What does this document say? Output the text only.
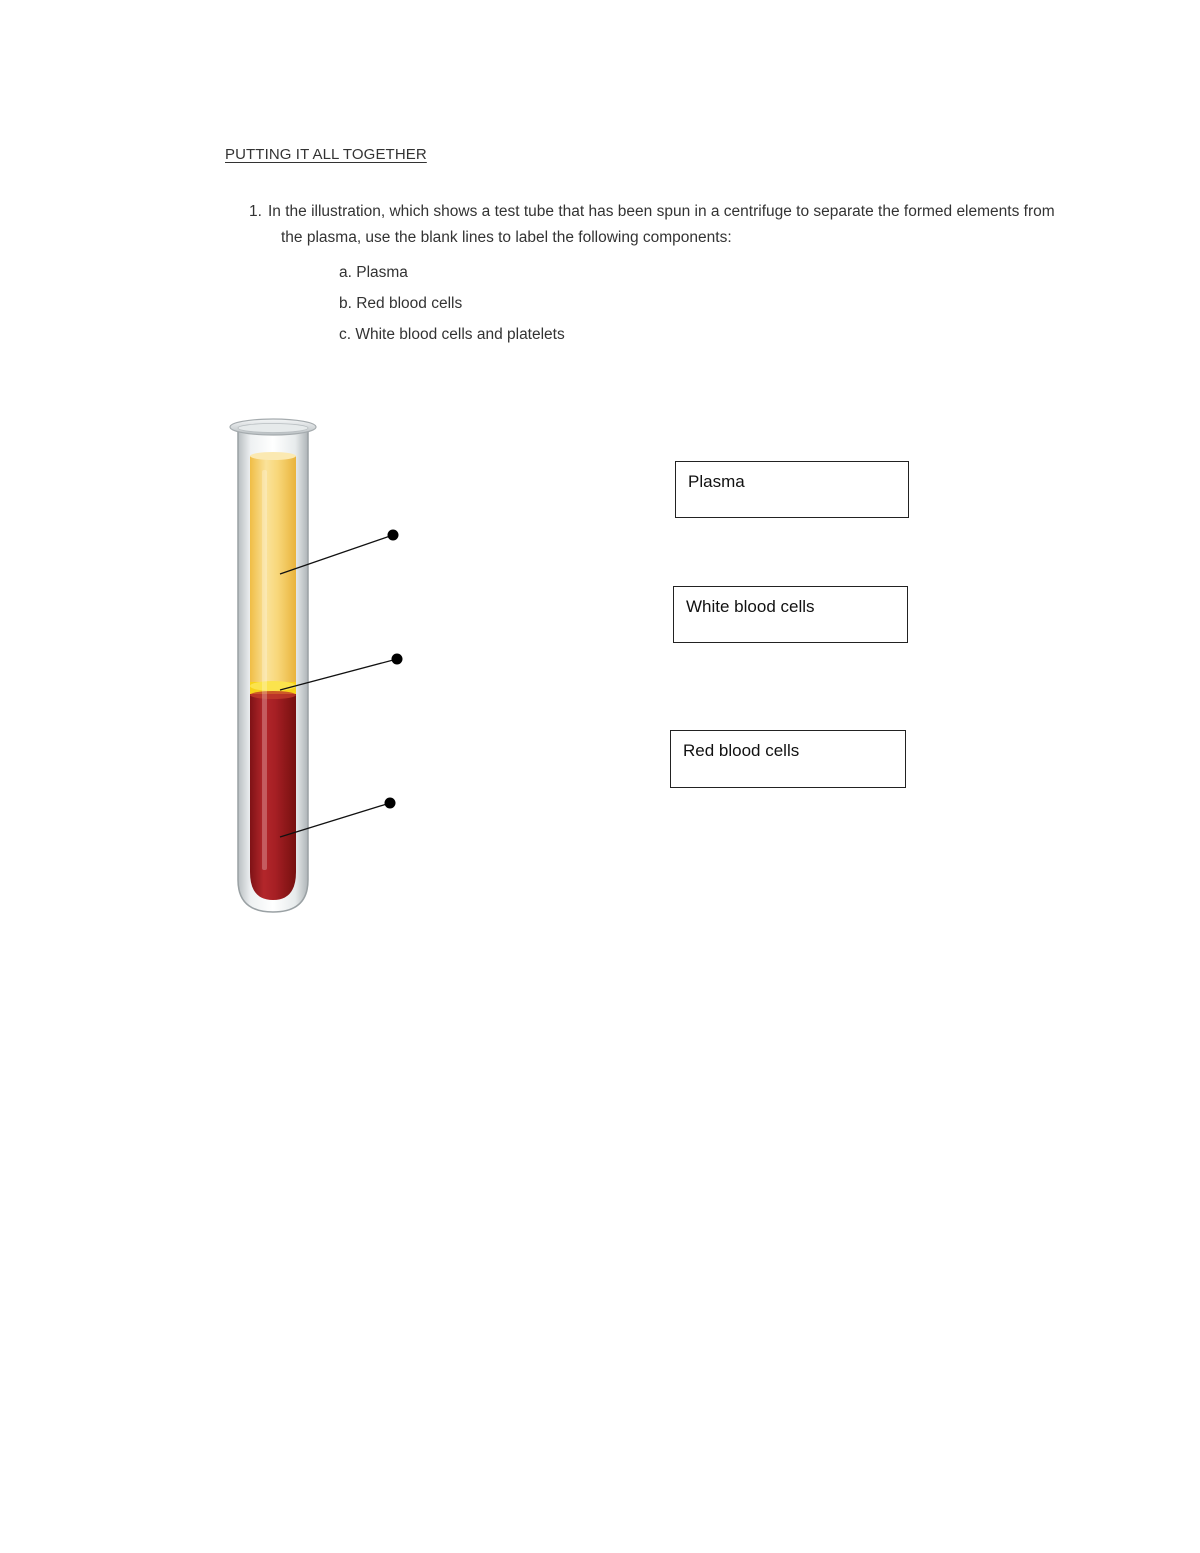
PUTTING IT ALL TOGETHER
1. In the illustration, which shows a test tube that has been spun in a centrifuge to separate the formed elements from the plasma, use the blank lines to label the following components:
a. Plasma
b. Red blood cells
c. White blood cells and platelets
Plasma
White blood cells
Red blood cells
